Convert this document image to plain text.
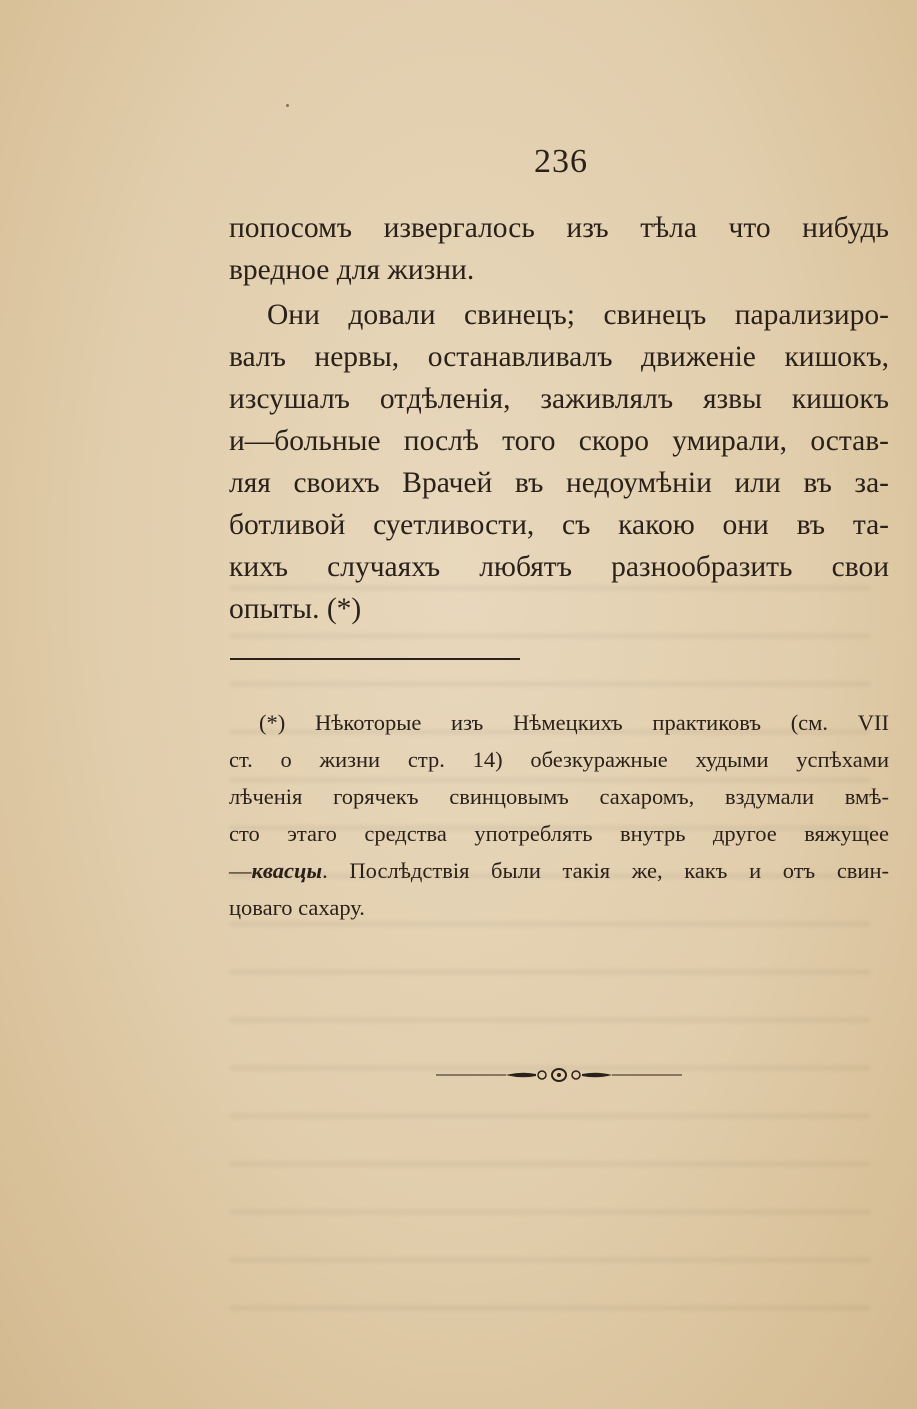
236
попосомъ извергалось изъ тѣла что нибудь
вредное для жизни.
Они довали свинецъ; свинецъ парализиро-
валъ нервы, останавливалъ движеніе кишокъ,
изсушалъ отдѣленія, заживлялъ язвы кишокъ
и—больные послѣ того скоро умирали, остав-
ляя своихъ Врачей въ недоумѣніи или въ за-
ботливой суетливости, съ какою они въ та-
кихъ случаяхъ любятъ разнообразить свои
опыты. (*)
(*) Нѣкоторые изъ Нѣмецкихъ практиковъ (см. VII
ст. о жизни стр. 14) обезкуражные худыми успѣхами
лѣченія горячекъ свинцовымъ сахаромъ, вздумали вмѣ-
сто этаго средства употреблять внутрь другое вяжущее
—квасцы. Послѣдствія были такія же, какъ и отъ свин-
цоваго сахару.
